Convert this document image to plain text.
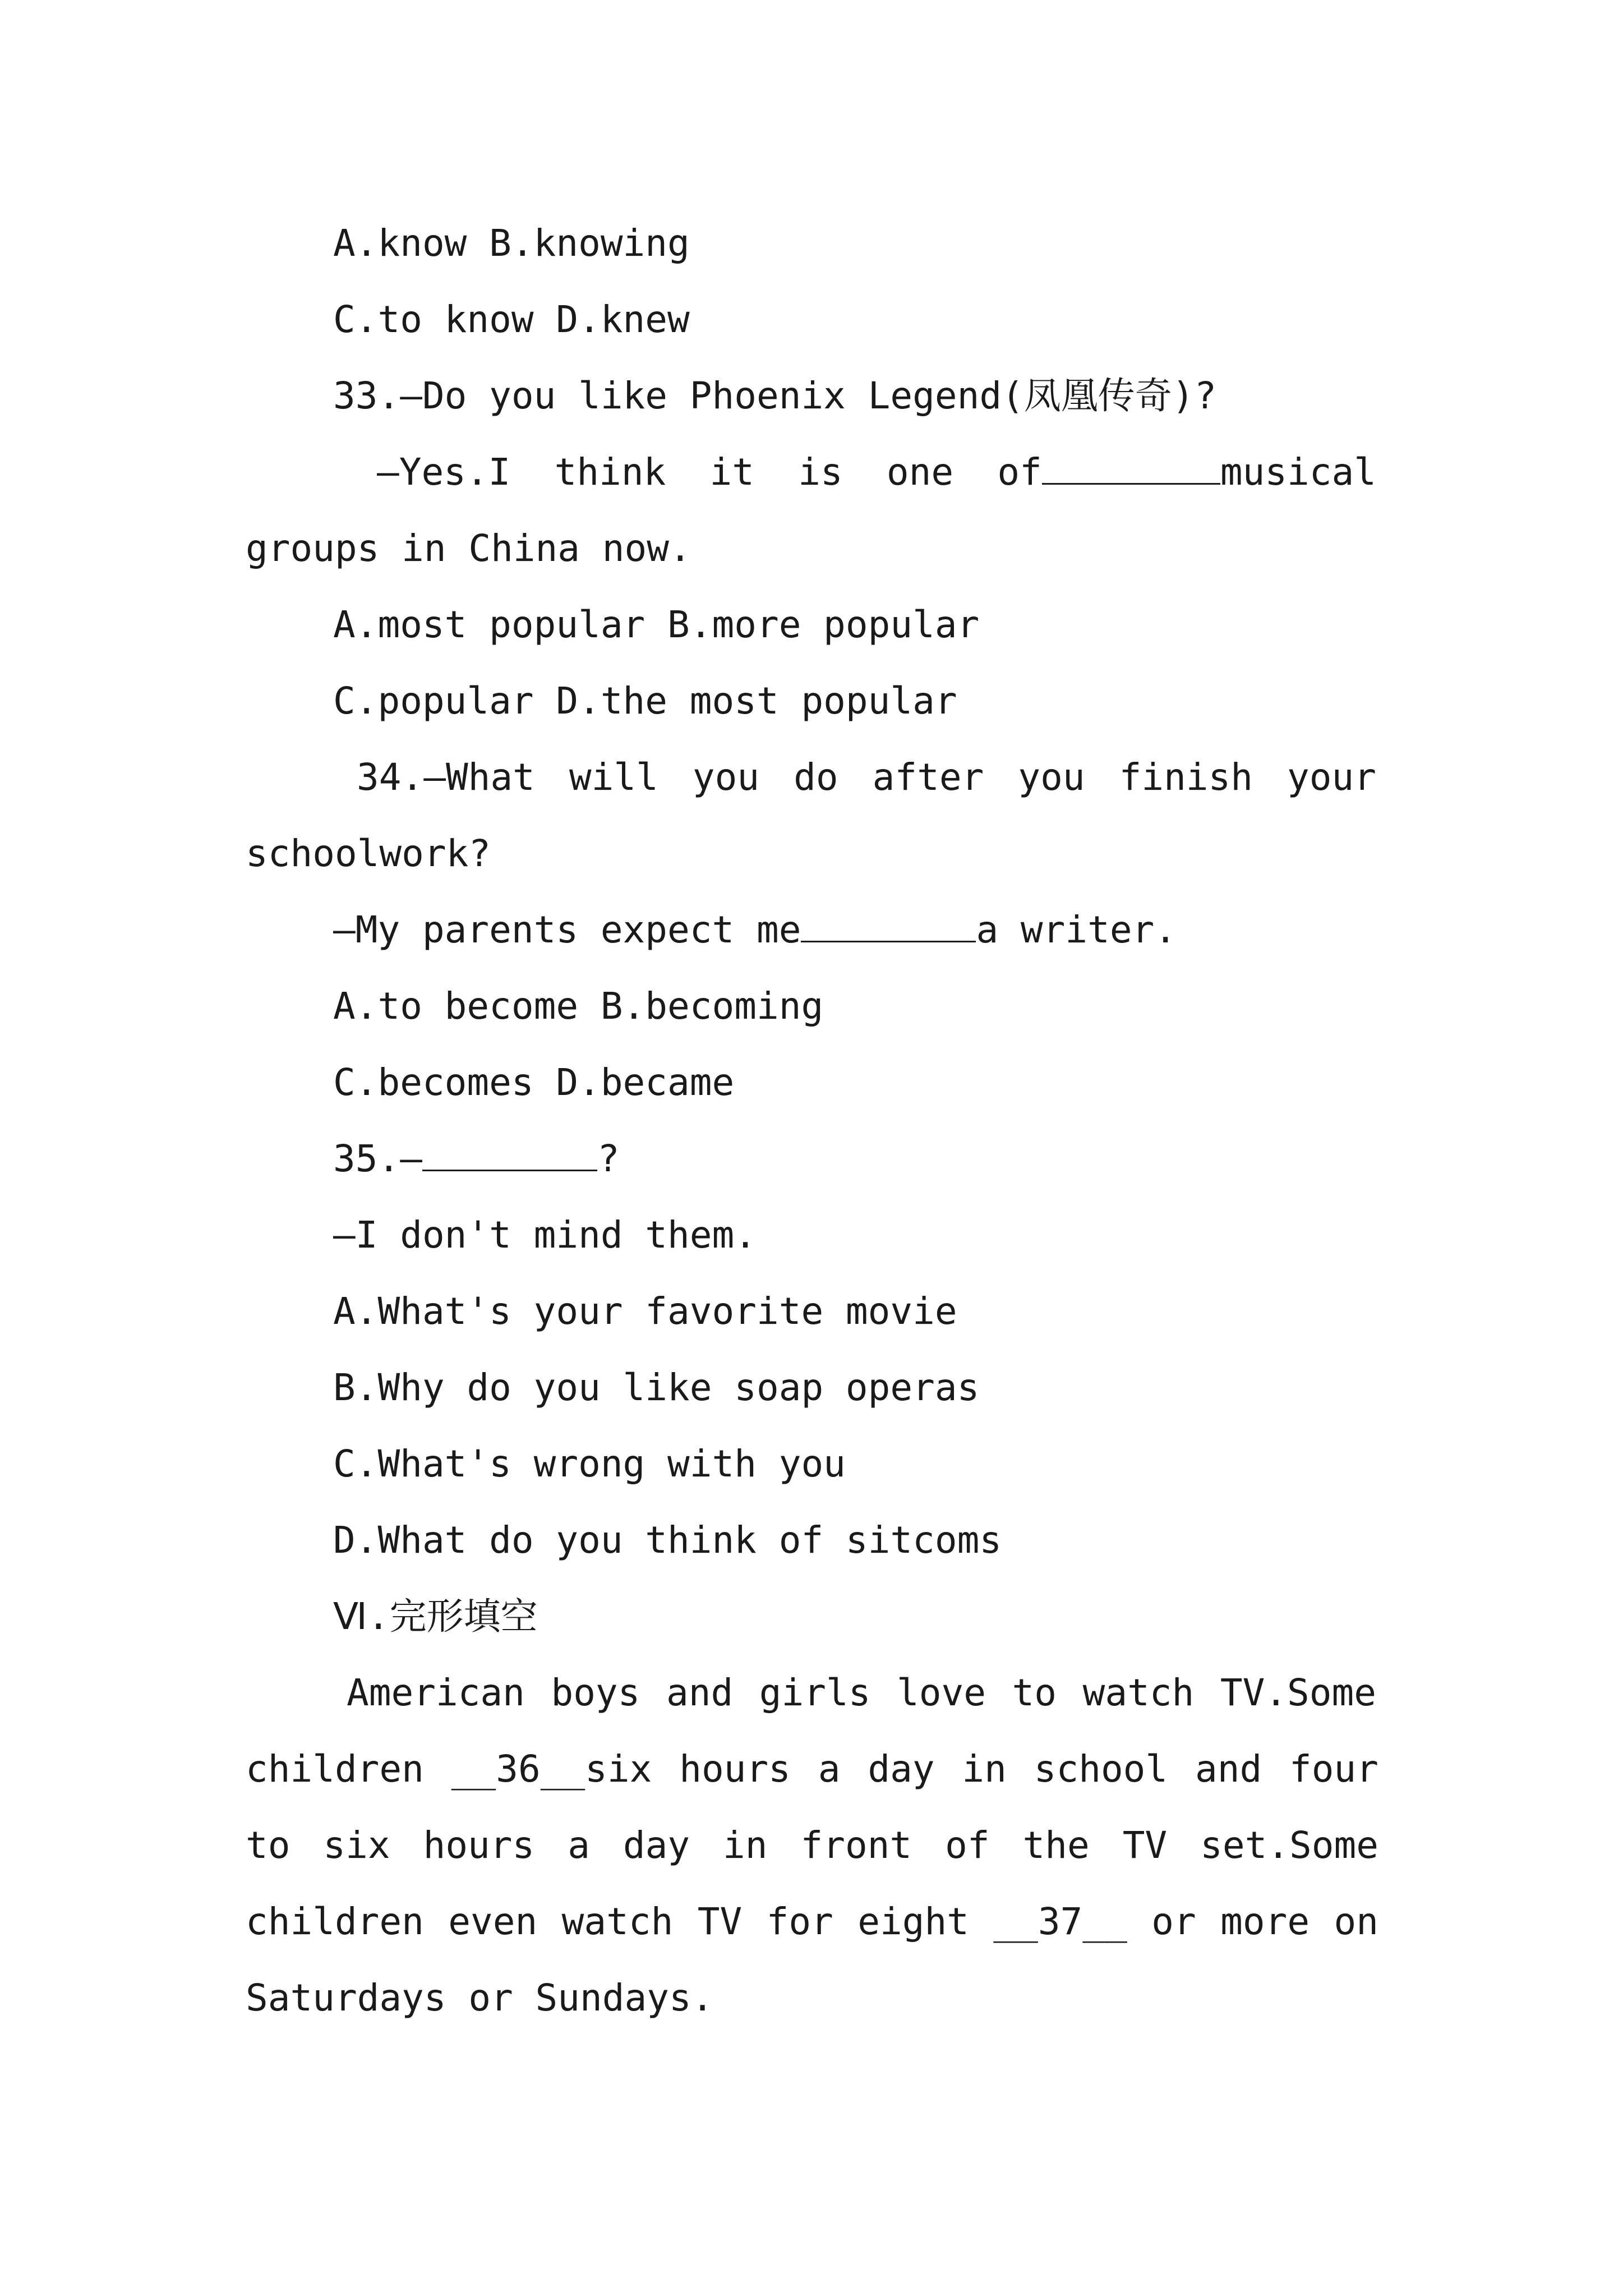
A.know B.knowing
C.to know D.knew
33.—Do you like Phoenix Legend(凤凰传奇)?
—Yes.I think it is one of	musical
groups in China now.
A.most popular B.more popular
C.popular D.the most popular
34.—What will you do after you finish your
schoolwork?
—My parents expect me	a writer.
A.to become B.becoming
C.becomes D.became
35.—	?
—I don't mind them.
A.What's your favorite movie
B.Why do you like soap operas
C.What's wrong with you
D.What do you think of sitcoms
Ⅵ.完形填空
American boys and girls love to watch TV.Some
children __36__six hours a day in school and four
to six hours a day in front of the TV set.Some
children even watch TV for eight __37__ or more on
Saturdays or Sundays.
